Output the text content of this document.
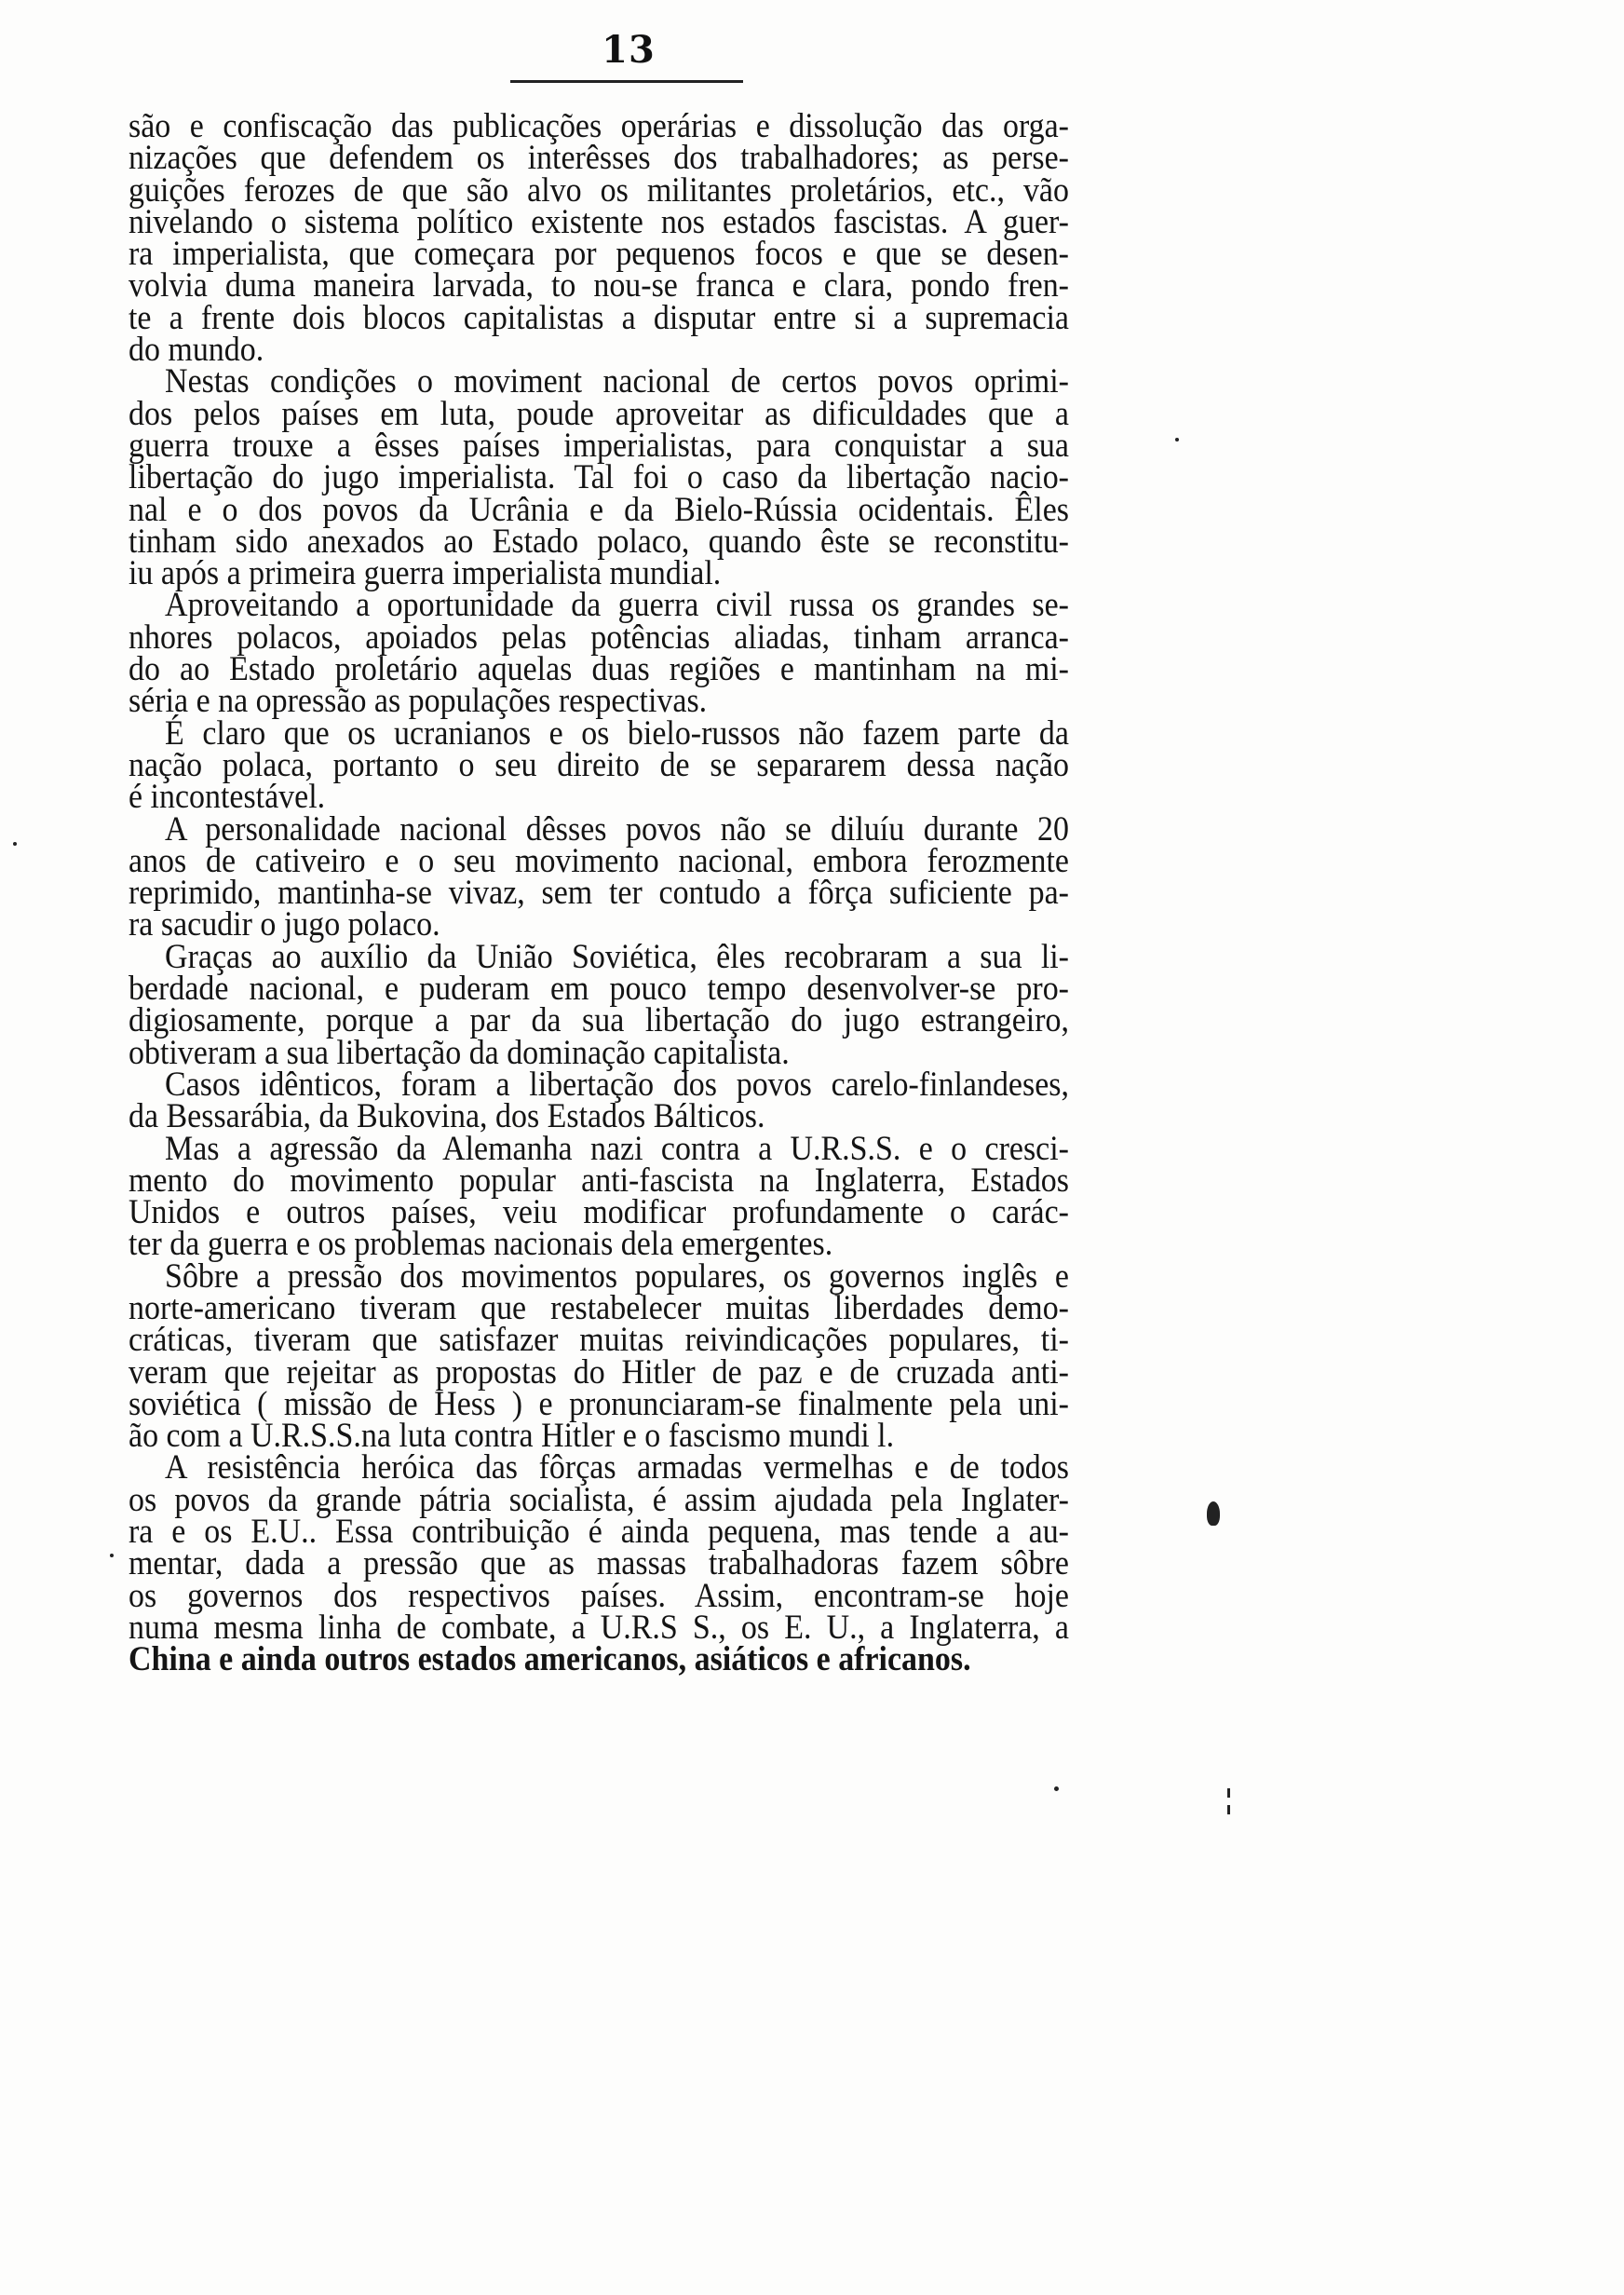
13
são e confiscação das publicações operárias e dissolução das orga-
nizações que defendem os interêsses dos trabalhadores; as perse-
guições ferozes de que são alvo os militantes proletários, etc., vão
nivelando o sistema político existente nos estados fascistas. A guer-
ra imperialista, que começara por pequenos focos e que se desen-
volvia duma maneira larvada, to nou-se franca e clara, pondo fren-
te a frente dois blocos capitalistas a disputar entre si a supremacia
do mundo.
Nestas condições o moviment nacional de certos povos oprimi-
dos pelos países em luta, poude aproveitar as dificuldades que a
guerra trouxe a êsses países imperialistas, para conquistar a sua
libertação do jugo imperialista. Tal foi o caso da libertação nacio-
nal e o dos povos da Ucrânia e da Bielo-Rússia ocidentais. Êles
tinham sido anexados ao Estado polaco, quando êste se reconstitu-
iu após a primeira guerra imperialista mundial.
Aproveitando a oportunidade da guerra civil russa os grandes se-
nhores polacos, apoiados pelas potências aliadas, tinham arranca-
do ao Estado proletário aquelas duas regiões e mantinham na mi-
séria e na opressão as populações respectivas.
É claro que os ucranianos e os bielo-russos não fazem parte da
nação polaca, portanto o seu direito de se separarem dessa nação
é incontestável.
A personalidade nacional dêsses povos não se diluíu durante 20
anos de cativeiro e o seu movimento nacional, embora ferozmente
reprimido, mantinha-se vivaz, sem ter contudo a fôrça suficiente pa-
ra sacudir o jugo polaco.
Graças ao auxílio da União Soviética, êles recobraram a sua li-
berdade nacional, e puderam em pouco tempo desenvolver-se pro-
digiosamente, porque a par da sua libertação do jugo estrangeiro,
obtiveram a sua libertação da dominação capitalista.
Casos idênticos, foram a libertação dos povos carelo-finlandeses,
da Bessarábia, da Bukovina, dos Estados Bálticos.
Mas a agressão da Alemanha nazi contra a U.R.S.S. e o cresci-
mento do movimento popular anti-fascista na Inglaterra, Estados
Unidos e outros países, veiu modificar profundamente o carác-
ter da guerra e os problemas nacionais dela emergentes.
Sôbre a pressão dos movimentos populares, os governos inglês e
norte-americano tiveram que restabelecer muitas liberdades demo-
cráticas, tiveram que satisfazer muitas reivindicações populares, ti-
veram que rejeitar as propostas do Hitler de paz e de cruzada anti-
soviética ( missão de Hess ) e pronunciaram-se finalmente pela uni-
ão com a U.R.S.S.na luta contra Hitler e o fascismo mundi l.
A resistência heróica das fôrças armadas vermelhas e de todos
os povos da grande pátria socialista, é assim ajudada pela Inglater-
ra e os E.U.. Essa contribuição é ainda pequena, mas tende a au-
mentar, dada a pressão que as massas trabalhadoras fazem sôbre
os governos dos respectivos países. Assim, encontram-se hoje
numa mesma linha de combate, a U.R.S S., os E. U., a Inglaterra, a
China e ainda outros estados americanos, asiáticos e africanos.
